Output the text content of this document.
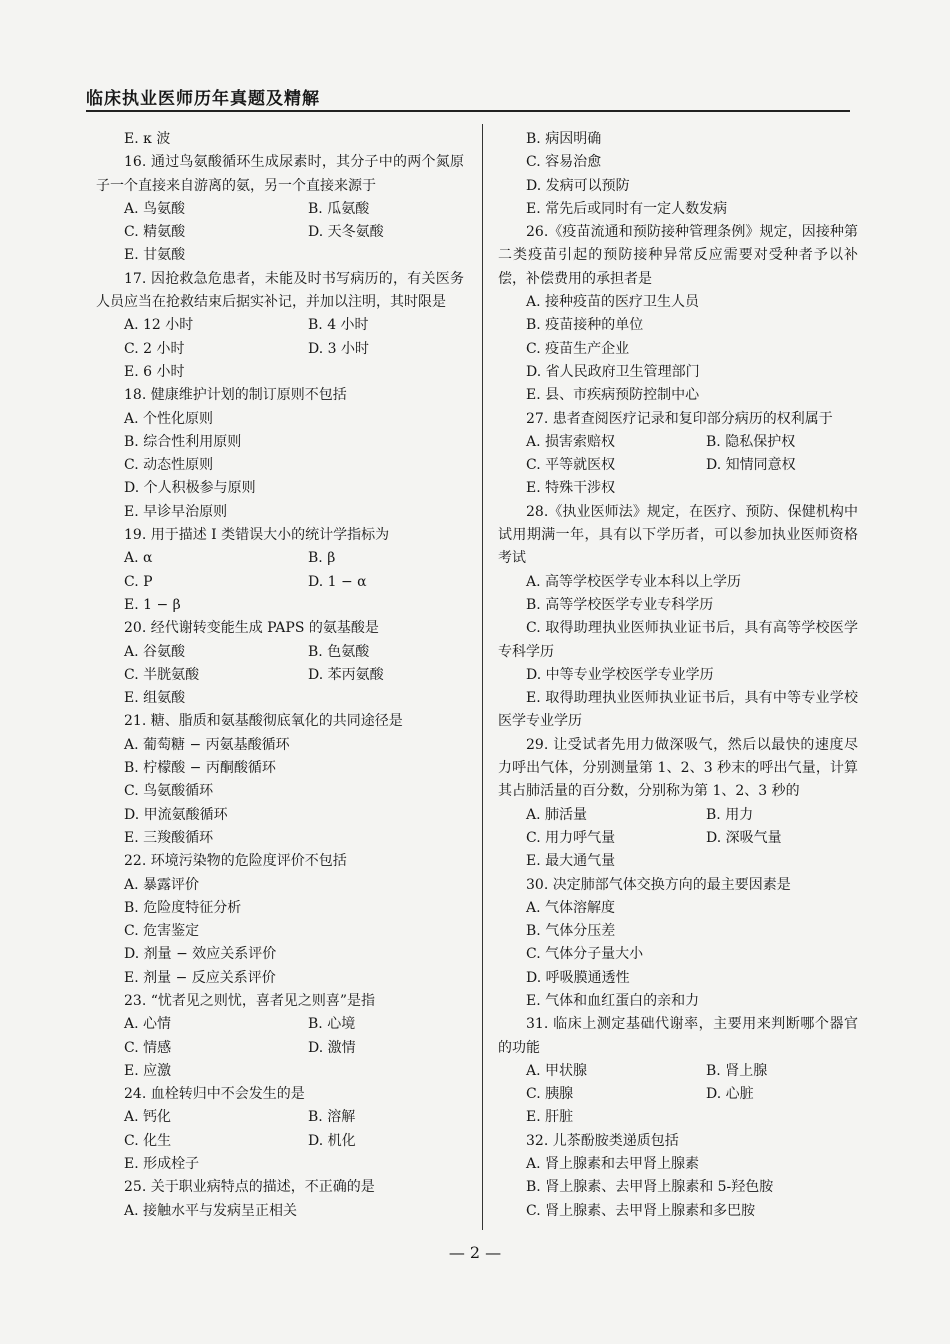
临床执业医师历年真题及精解
E. κ 波
16. 通过鸟氨酸循环生成尿素时，其分子中的两个氮原子一个直接来自游离的氨，另一个直接来源于
A. 鸟氨酸	B. 瓜氨酸
C. 精氨酸	D. 天冬氨酸
E. 甘氨酸
17. 因抢救急危患者，未能及时书写病历的，有关医务人员应当在抢救结束后据实补记，并加以注明，其时限是
A. 12 小时	B. 4 小时
C. 2 小时	D. 3 小时
E. 6 小时
18. 健康维护计划的制订原则不包括
A. 个性化原则
B. 综合性利用原则
C. 动态性原则
D. 个人积极参与原则
E. 早诊早治原则
19. 用于描述 I 类错误大小的统计学指标为
A. α	B. β
C. P	D. 1 − α
E. 1 − β
20. 经代谢转变能生成 PAPS 的氨基酸是
A. 谷氨酸	B. 色氨酸
C. 半胱氨酸	D. 苯丙氨酸
E. 组氨酸
21. 糖、脂质和氨基酸彻底氧化的共同途径是
A. 葡萄糖 − 丙氨基酸循环
B. 柠檬酸 − 丙酮酸循环
C. 鸟氨酸循环
D. 甲流氨酸循环
E. 三羧酸循环
22. 环境污染物的危险度评价不包括
A. 暴露评价
B. 危险度特征分析
C. 危害鉴定
D. 剂量 − 效应关系评价
E. 剂量 − 反应关系评价
23. “忧者见之则忧，喜者见之则喜”是指
A. 心情	B. 心境
C. 情感	D. 激情
E. 应激
24. 血栓转归中不会发生的是
A. 钙化	B. 溶解
C. 化生	D. 机化
E. 形成栓子
25. 关于职业病特点的描述，不正确的是
A. 接触水平与发病呈正相关
B. 病因明确
C. 容易治愈
D. 发病可以预防
E. 常先后或同时有一定人数发病
26.《疫苗流通和预防接种管理条例》规定，因接种第二类疫苗引起的预防接种异常反应需要对受种者予以补偿，补偿费用的承担者是
A. 接种疫苗的医疗卫生人员
B. 疫苗接种的单位
C. 疫苗生产企业
D. 省人民政府卫生管理部门
E. 县、市疾病预防控制中心
27. 患者查阅医疗记录和复印部分病历的权利属于
A. 损害索赔权	B. 隐私保护权
C. 平等就医权	D. 知情同意权
E. 特殊干涉权
28.《执业医师法》规定，在医疗、预防、保健机构中试用期满一年，具有以下学历者，可以参加执业医师资格考试
A. 高等学校医学专业本科以上学历
B. 高等学校医学专业专科学历
C. 取得助理执业医师执业证书后，具有高等学校医学专科学历
D. 中等专业学校医学专业学历
E. 取得助理执业医师执业证书后，具有中等专业学校医学专业学历
29. 让受试者先用力做深吸气，然后以最快的速度尽力呼出气体，分别测量第 1、2、3 秒末的呼出气量，计算其占肺活量的百分数，分别称为第 1、2、3 秒的
A. 肺活量	B. 用力
C. 用力呼气量	D. 深吸气量
E. 最大通气量
30. 决定肺部气体交换方向的最主要因素是
A. 气体溶解度
B. 气体分压差
C. 气体分子量大小
D. 呼吸膜通透性
E. 气体和血红蛋白的亲和力
31. 临床上测定基础代谢率，主要用来判断哪个器官的功能
A. 甲状腺	B. 肾上腺
C. 胰腺	D. 心脏
E. 肝脏
32. 儿茶酚胺类递质包括
A. 肾上腺素和去甲肾上腺素
B. 肾上腺素、去甲肾上腺素和 5-羟色胺
C. 肾上腺素、去甲肾上腺素和多巴胺
— 2 —
